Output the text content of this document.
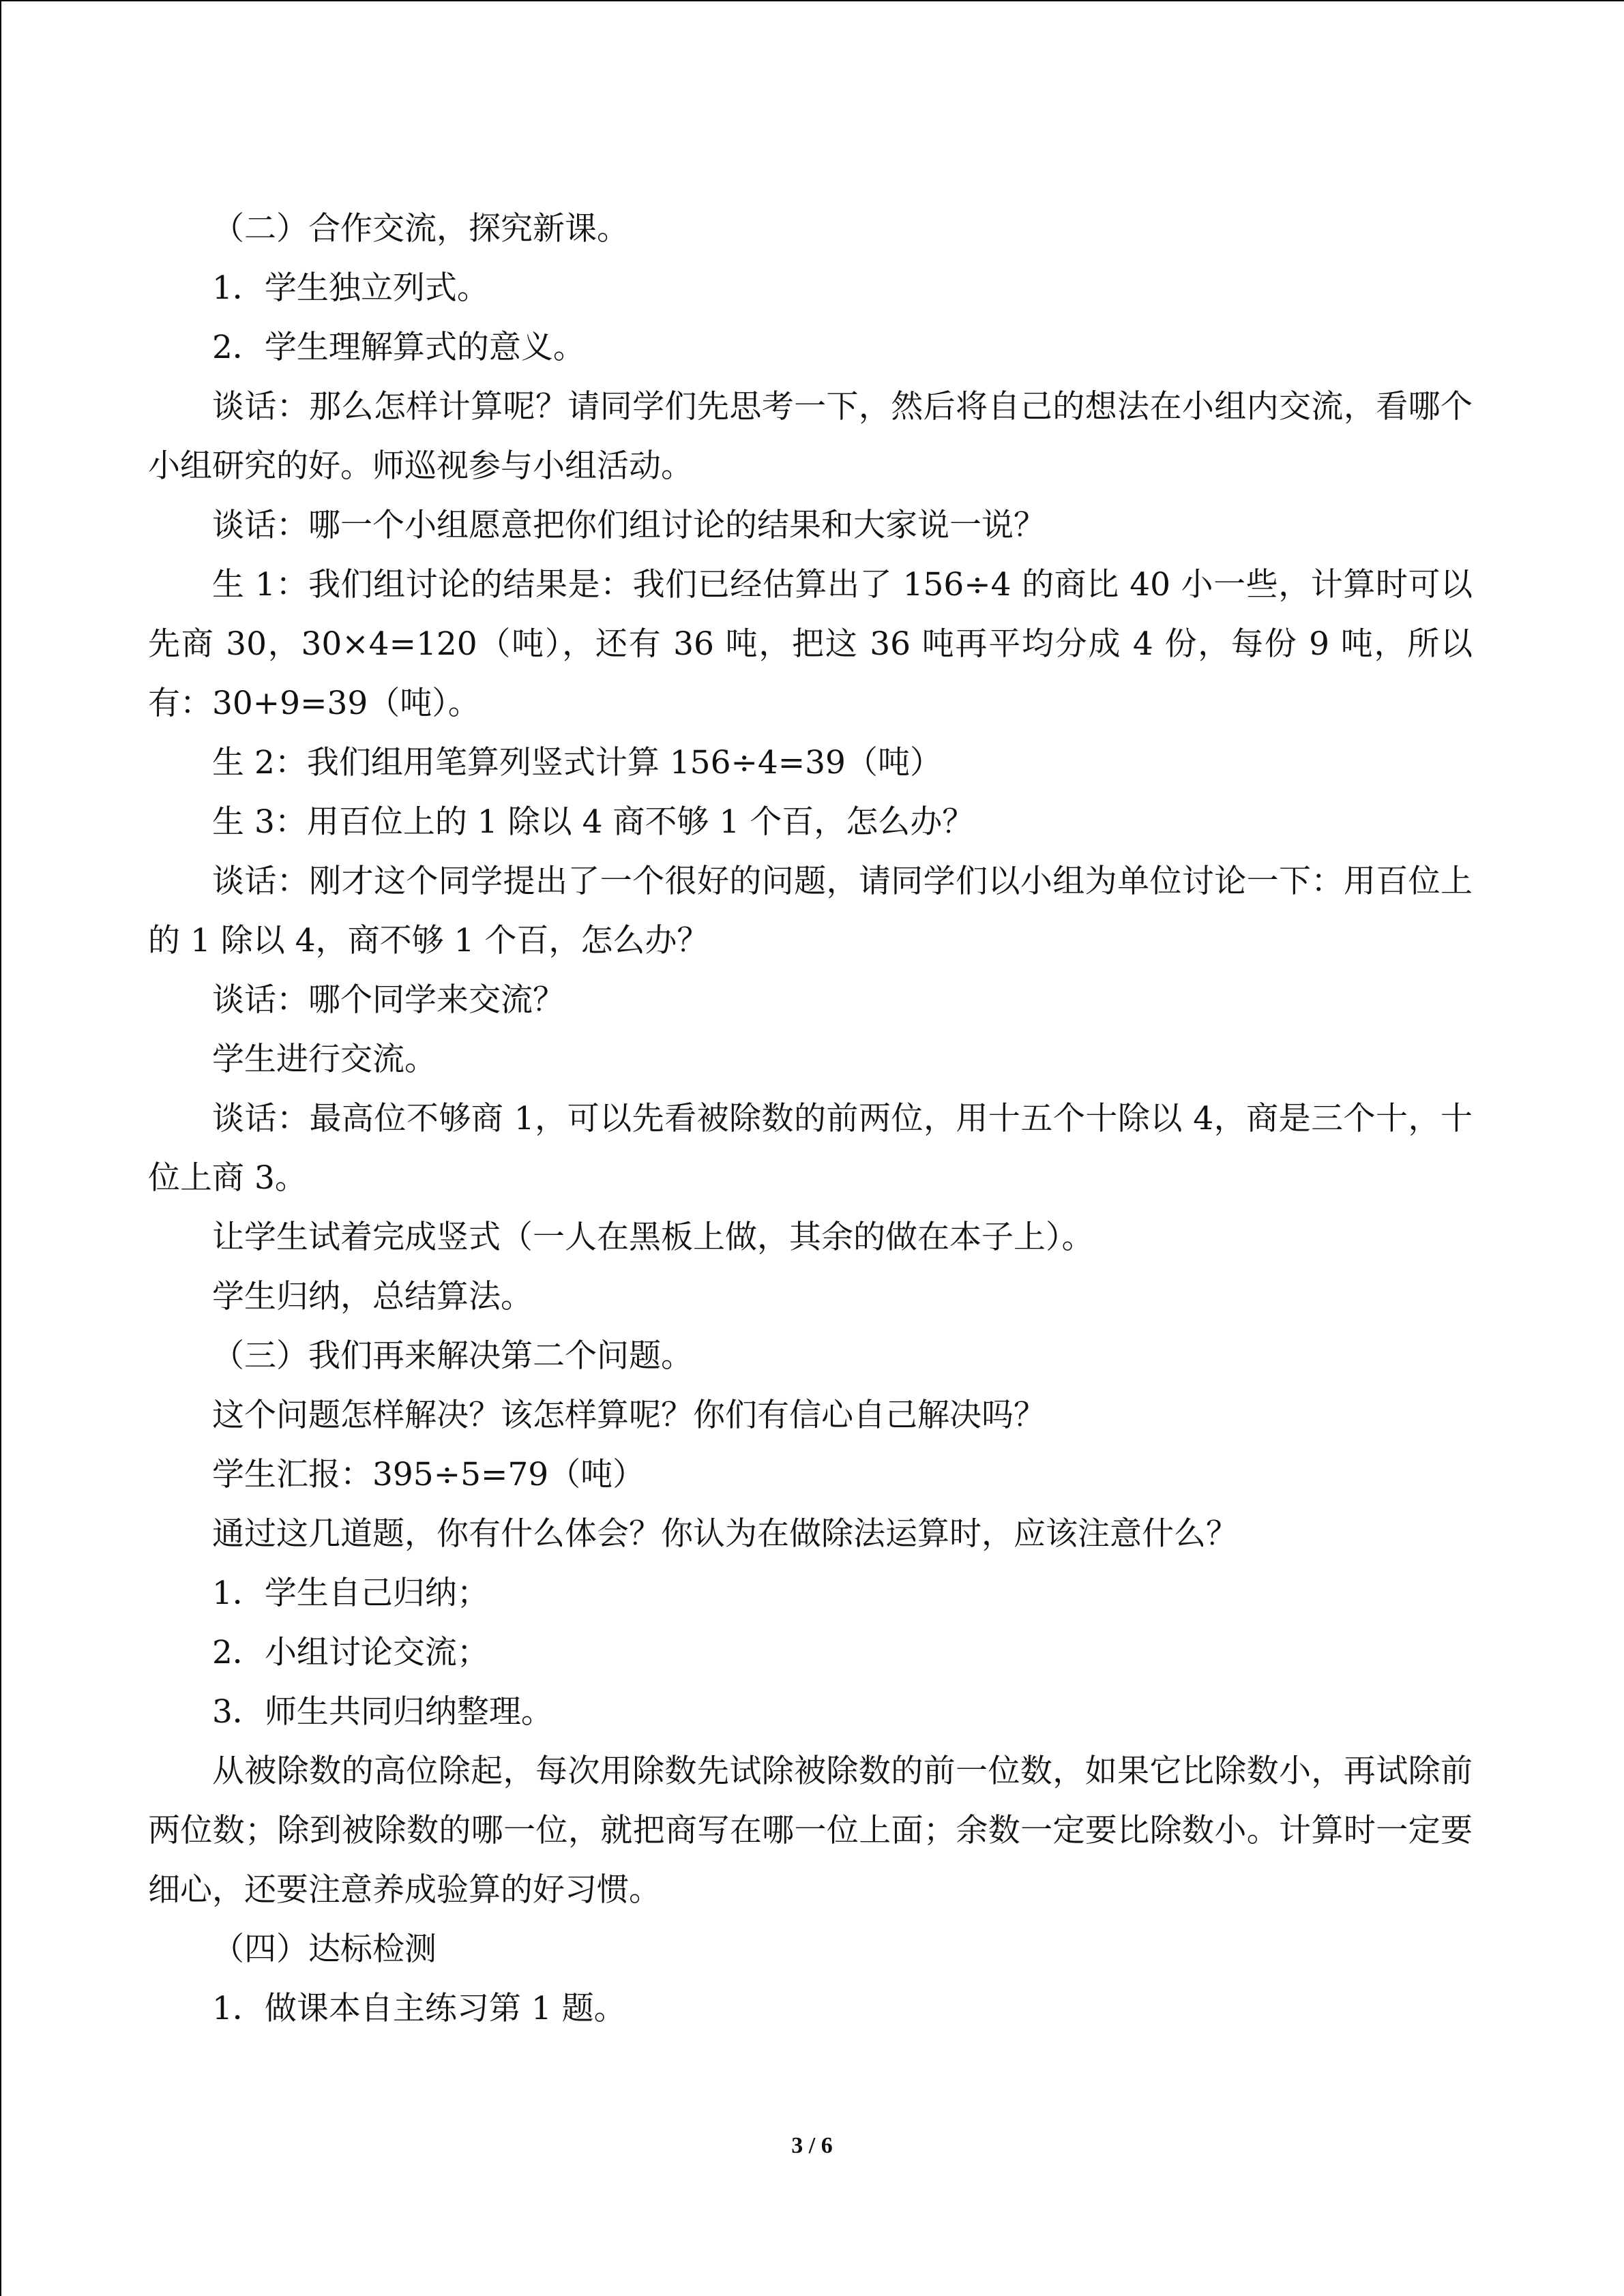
（二）合作交流，探究新课。

1．学生独立列式。

2．学生理解算式的意义。

谈话：那么怎样计算呢？请同学们先思考一下，然后将自己的想法在小组内交流，看哪个小组研究的好。师巡视参与小组活动。

谈话：哪一个小组愿意把你们组讨论的结果和大家说一说？

生 1：我们组讨论的结果是：我们已经估算出了 156÷4 的商比 40 小一些，计算时可以先商 30，30×4=120（吨），还有 36 吨，把这 36 吨再平均分成 4 份，每份 9 吨，所以有：30+9=39（吨）。

生 2：我们组用笔算列竖式计算 156÷4=39（吨）

生 3：用百位上的 1 除以 4 商不够 1 个百，怎么办？

谈话：刚才这个同学提出了一个很好的问题，请同学们以小组为单位讨论一下：用百位上的 1 除以 4，商不够 1 个百，怎么办？

谈话：哪个同学来交流？

学生进行交流。

谈话：最高位不够商 1，可以先看被除数的前两位，用十五个十除以 4，商是三个十，十位上商 3。

让学生试着完成竖式（一人在黑板上做，其余的做在本子上）。

学生归纳，总结算法。

（三）我们再来解决第二个问题。

这个问题怎样解决？该怎样算呢？你们有信心自己解决吗？

学生汇报：395÷5=79（吨）

通过这几道题，你有什么体会？你认为在做除法运算时，应该注意什么？

1．学生自己归纳；

2．小组讨论交流；

3．师生共同归纳整理。

从被除数的高位除起，每次用除数先试除被除数的前一位数，如果它比除数小，再试除前两位数；除到被除数的哪一位，就把商写在哪一位上面；余数一定要比除数小。计算时一定要细心，还要注意养成验算的好习惯。

（四）达标检测

1．做课本自主练习第 1 题。

3 / 6
